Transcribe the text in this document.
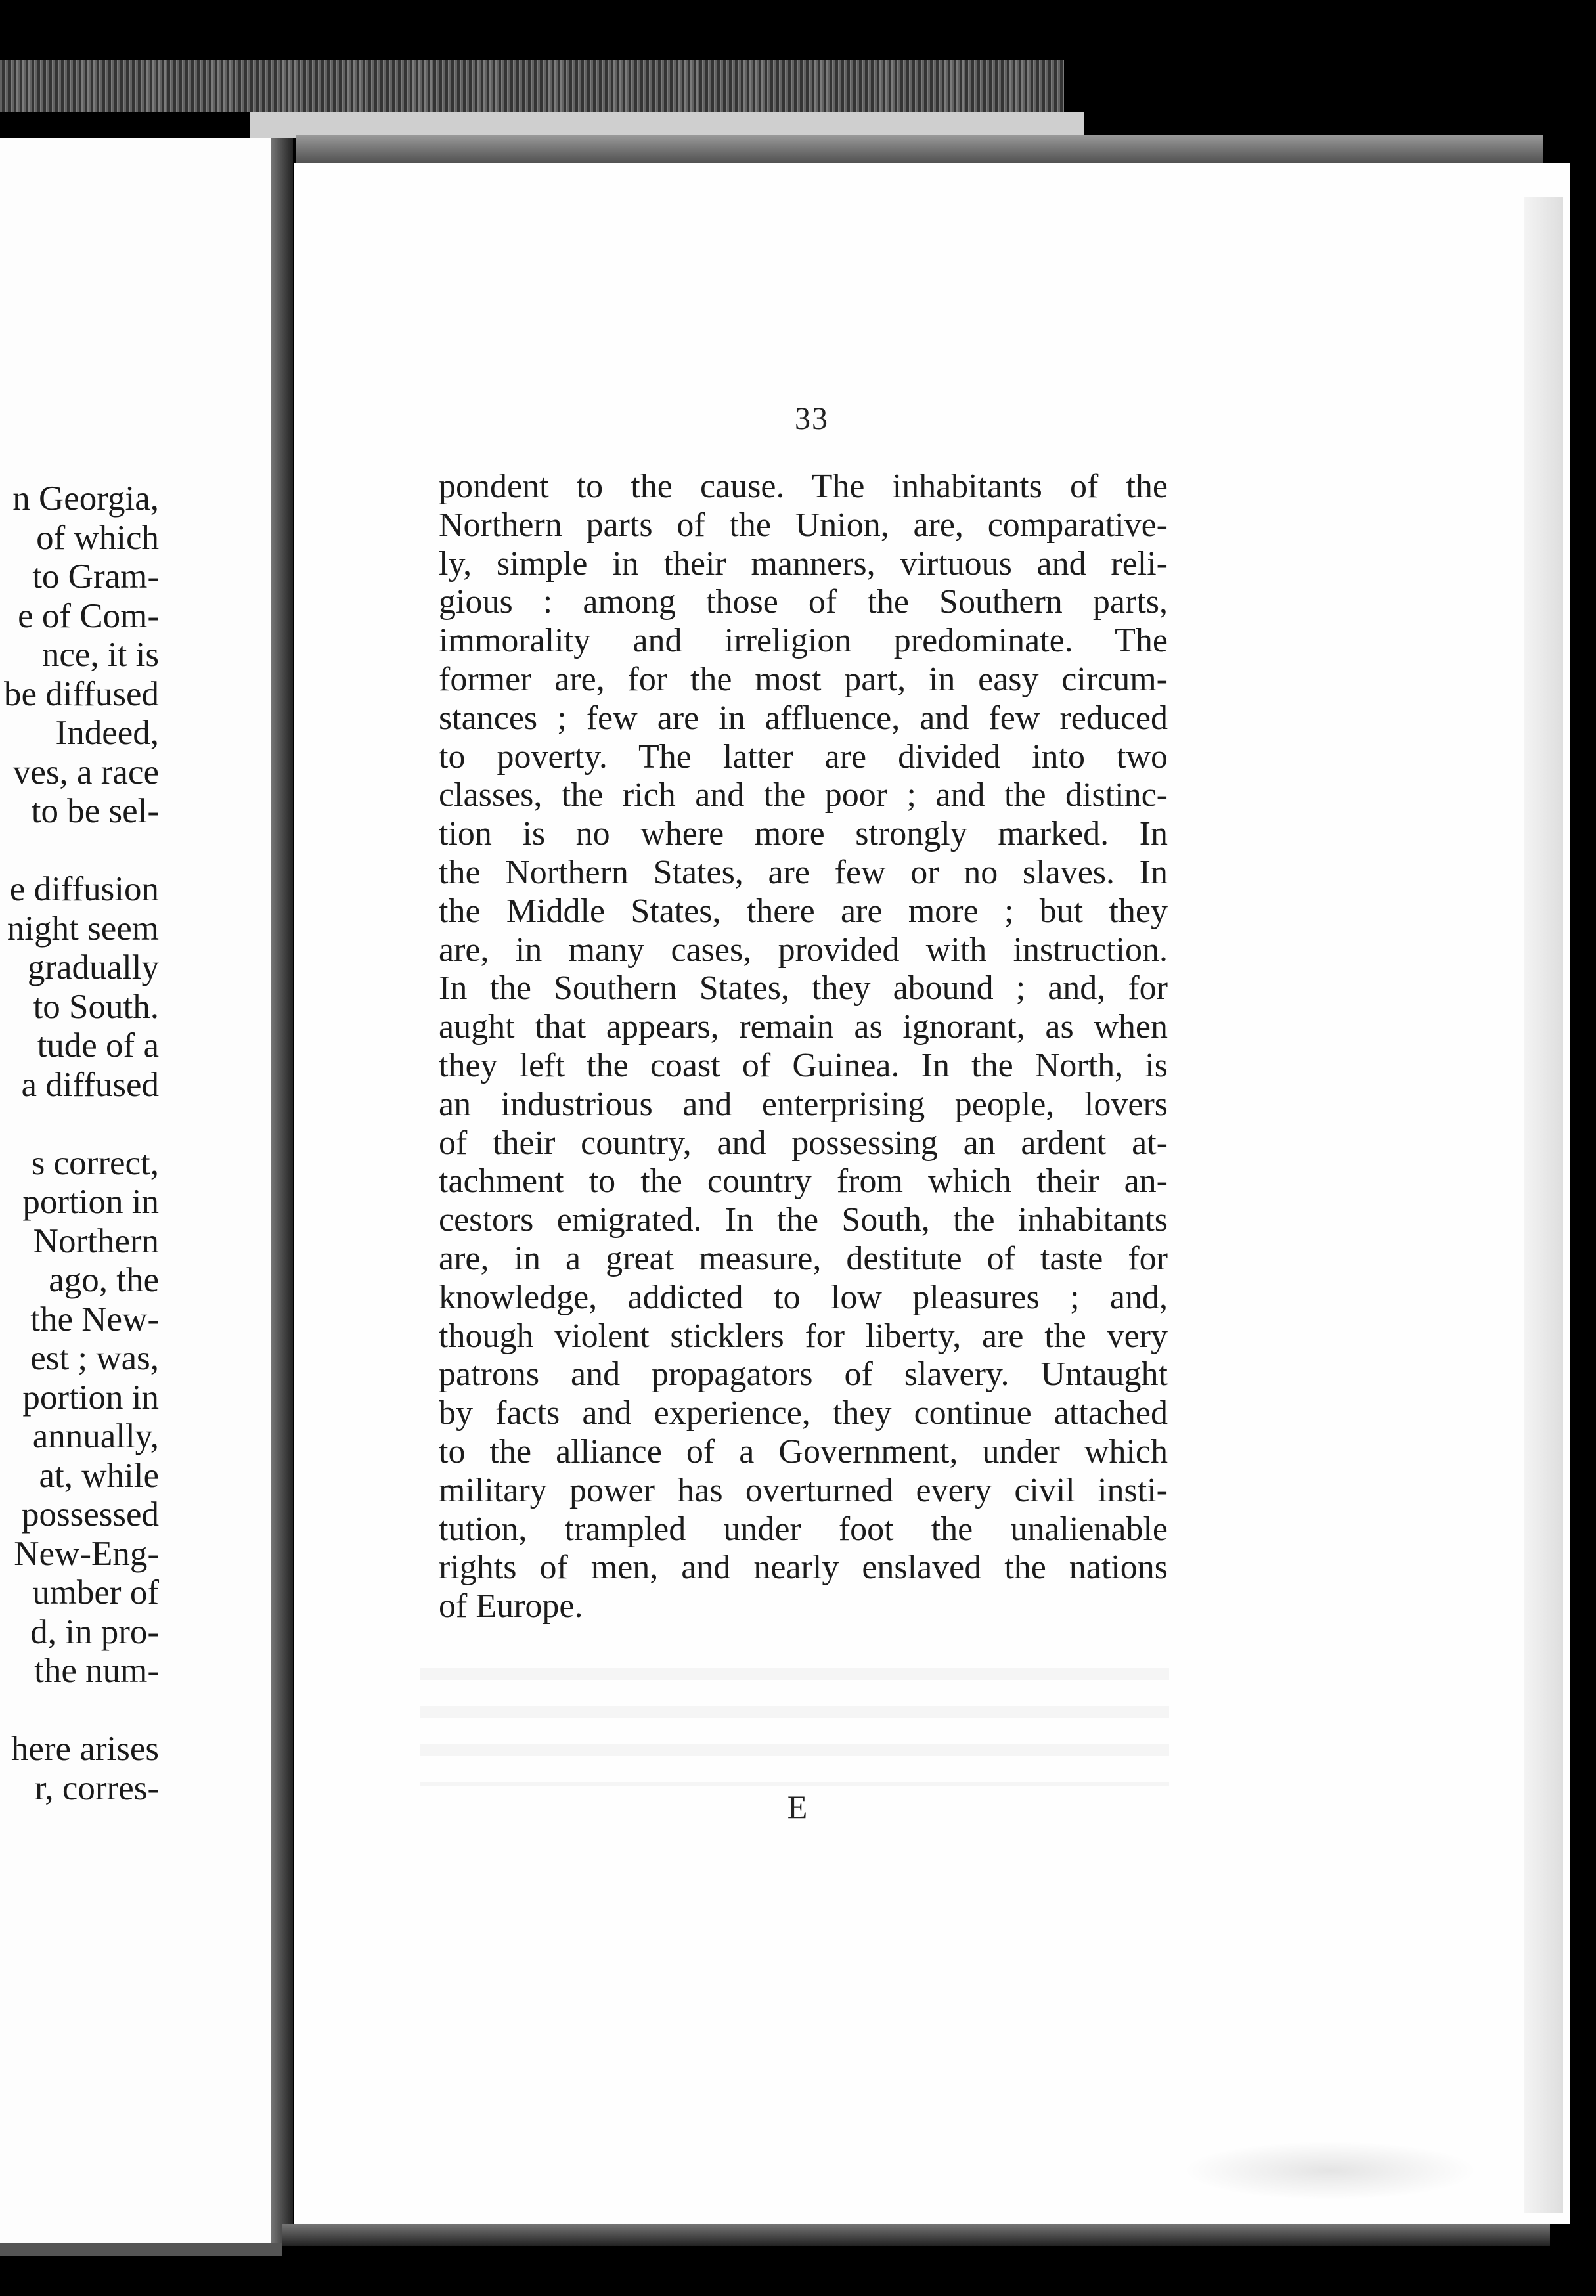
n Georgia,
of which
to Gram-
e of Com-
nce, it is
be diffused
Indeed,
ves, a race
to be sel-
e diffusion
night seem
gradually
to South.
tude of a
a diffused
s correct,
portion in
Northern
ago, the
the New-
est ; was,
portion in
annually,
at, while
possessed
New-Eng-
umber of
d, in pro-
the num-
here arises
r, corres-
33
pondent to the cause. The inhabitants of the
Northern parts of the Union, are, comparative-
ly, simple in their manners, virtuous and reli-
gious : among those of the Southern parts,
immorality and irreligion predominate. The
former are, for the most part, in easy circum-
stances ; few are in affluence, and few reduced
to poverty. The latter are divided into two
classes, the rich and the poor ; and the distinc-
tion is no where more strongly marked. In
the Northern States, are few or no slaves. In
the Middle States, there are more ; but they
are, in many cases, provided with instruction.
In the Southern States, they abound ; and, for
aught that appears, remain as ignorant, as when
they left the coast of Guinea. In the North, is
an industrious and enterprising people, lovers
of their country, and possessing an ardent at-
tachment to the country from which their an-
cestors emigrated. In the South, the inhabitants
are, in a great measure, destitute of taste for
knowledge, addicted to low pleasures ; and,
though violent sticklers for liberty, are the very
patrons and propagators of slavery. Untaught
by facts and experience, they continue attached
to the alliance of a Government, under which
military power has overturned every civil insti-
tution, trampled under foot the unalienable
rights of men, and nearly enslaved the nations
of Europe.
E
